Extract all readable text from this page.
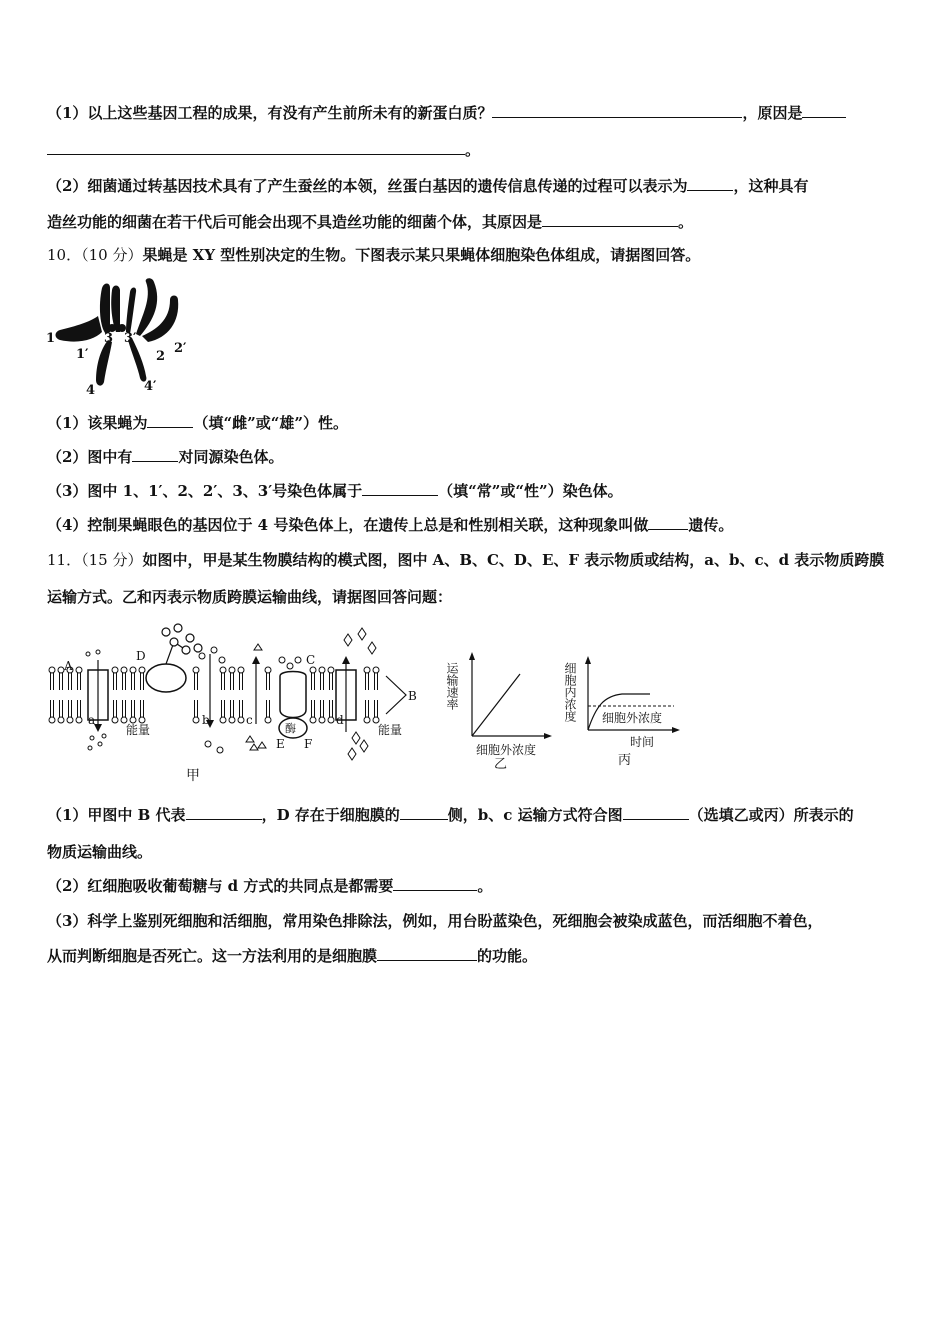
（1）以上这些基因工程的成果，有没有产生前所未有的新蛋白质？	，原因是
。
（2）细菌通过转基因技术具有了产生蚕丝的本领，丝蛋白基因的遗传信息传递的过程可以表示为	，这种具有
造丝功能的细菌在若干代后可能会出现不具造丝功能的细菌个体，其原因是	。
10．（10 分）果蝇是 XY 型性别决定的生物。下图表示某只果蝇体细胞染色体组成，请据图回答。
1
1′
3 3′
2
2′
4	4′
（1）该果蝇为	（填“雌”或“雄”）性。
（2）图中有	对同源染色体。
（3）图中 1、1′、2、2′、3、3′号染色体属于	（填“常”或“性”）染色体。
（4）控制果蝇眼色的基因位于 4 号染色体上，在遗传上总是和性别相关联，这种现象叫做	遗传。
11．（15 分）如图中，甲是某生物膜结构的模式图，图中 A、B、C、D、E、F 表示物质或结构，a、b、c、d 表示物质跨膜
运输方式。乙和丙表示物质跨膜运输曲线，请据图回答问题：
A
B
C
D
E F
a	b	c	d
能量	能量
酶
甲
运输速率
细胞外浓度
乙
细胞内浓度 细胞外浓度
时间
丙
（1）甲图中 B 代表	，D 存在于细胞膜的	侧，b、c 运输方式符合图	（选填乙或丙）所表示的
物质运输曲线。
（2）红细胞吸收葡萄糖与 d 方式的共同点是都需要	。
（3）科学上鉴别死细胞和活细胞，常用染色排除法，例如，用台盼蓝染色，死细胞会被染成蓝色，而活细胞不着色，
从而判断细胞是否死亡。这一方法利用的是细胞膜	的功能。
